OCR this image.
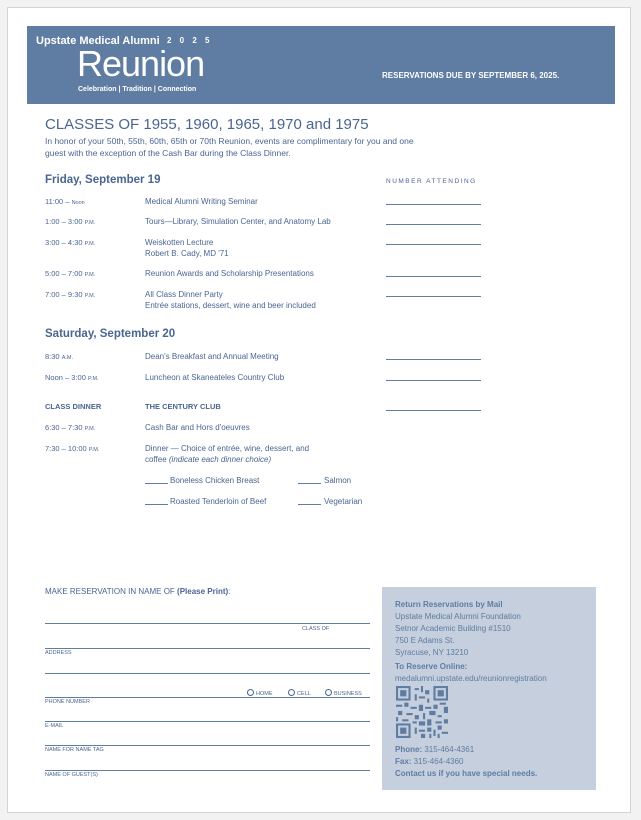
Upstate Medical Alumni 2 0 2 5
Reunion
Celebration | Tradition | Connection
RESERVATIONS DUE BY SEPTEMBER 6, 2025.
CLASSES OF 1955, 1960, 1965, 1970 and 1975
In honor of your 50th, 55th, 60th, 65th or 70th Reunion, events are complimentary for you and one guest with the exception of the Cash Bar during the Class Dinner.
NUMBER ATTENDING
Friday, September 19
11:00 – Noon	Medical Alumni Writing Seminar
1:00 – 3:00 P.M.	Tours—Library, Simulation Center, and Anatomy Lab
3:00 – 4:30 P.M.	Weiskotten Lecture
Robert B. Cady, MD '71
5:00 – 7:00 P.M.	Reunion Awards and Scholarship Presentations
7:00 – 9:30 P.M.	All Class Dinner Party
Entrée stations, dessert, wine and beer included
Saturday, September 20
8:30 A.M.	Dean's Breakfast and Annual Meeting
Noon – 3:00 P.M.	Luncheon at Skaneateles Country Club
CLASS DINNER	THE CENTURY CLUB
6:30 – 7:30 P.M.	Cash Bar and Hors d'oeuvres
7:30 – 10:00 P.M.	Dinner — Choice of entrée, wine, dessert, and
coffee (indicate each dinner choice)
Boneless Chicken Breast	Salmon
Roasted Tenderloin of Beef	Vegetarian
MAKE RESERVATION IN NAME OF (Please Print):
CLASS OF
ADDRESS
HOME	CELL	BUSINESS
PHONE NUMBER
E-MAIL
NAME FOR NAME TAG
NAME OF GUEST(S)
Return Reservations by Mail
Upstate Medical Alumni Foundation
Setnor Academic Building #1510
750 E Adams St.
Syracuse, NY 13210
To Reserve Online:
medalumni.upstate.edu/reunionregistration
Phone: 315-464-4361
Fax: 315-464-4360
Contact us if you have special needs.
